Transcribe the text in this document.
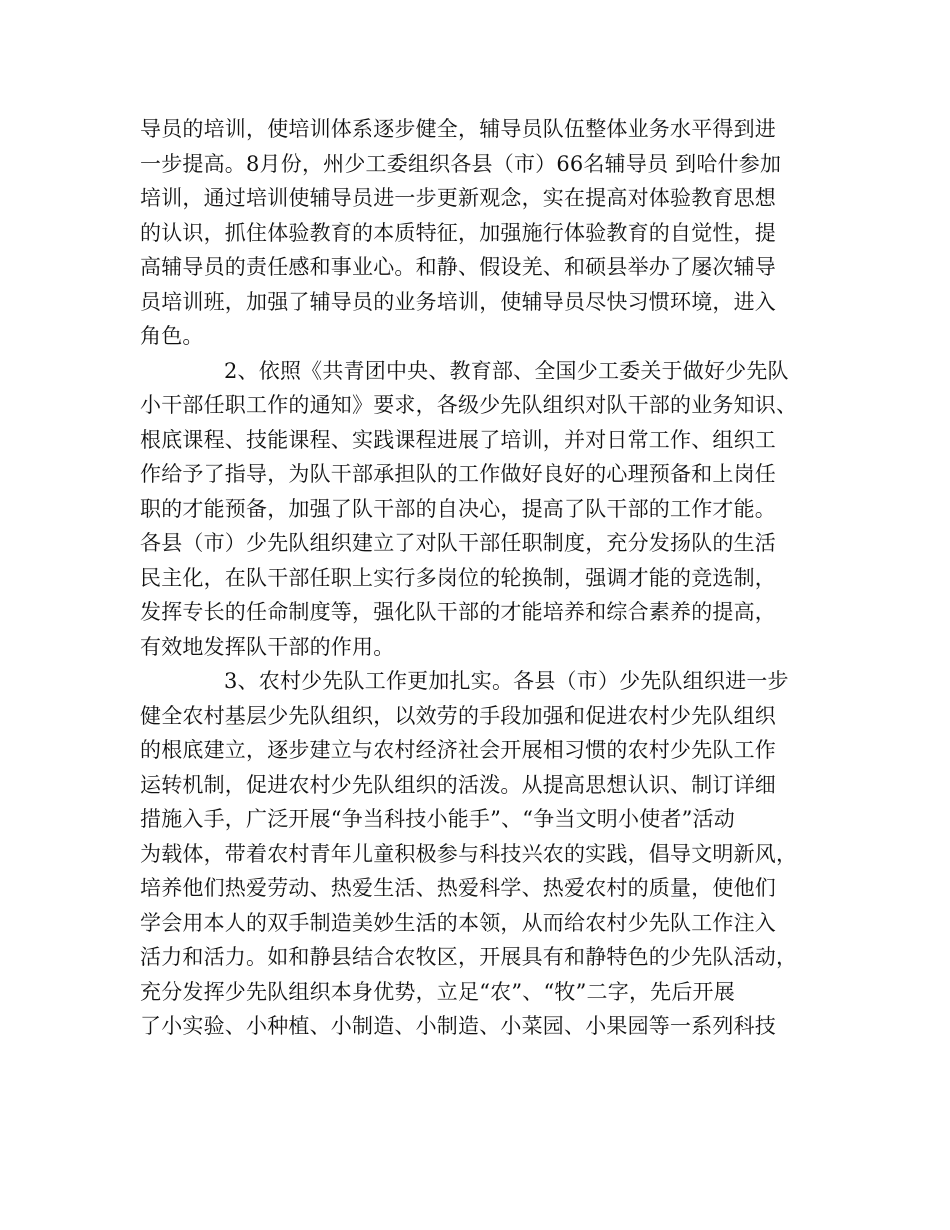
导员的培训，使培训体系逐步健全，辅导员队伍整体业务水平得到进
一步提高。8月份，州少工委组织各县（市）66名辅导员 到哈什参加
培训，通过培训使辅导员进一步更新观念，实在提高对体验教育思想
的认识，抓住体验教育的本质特征，加强施行体验教育的自觉性，提
高辅导员的责任感和事业心。和静、假设羌、和硕县举办了屡次辅导
员培训班，加强了辅导员的业务培训，使辅导员尽快习惯环境，进入
角色。
2、依照《共青团中央、教育部、全国少工委关于做好少先队
小干部任职工作的通知》要求，各级少先队组织对队干部的业务知识、
根底课程、技能课程、实践课程进展了培训，并对日常工作、组织工
作给予了指导，为队干部承担队的工作做好良好的心理预备和上岗任
职的才能预备，加强了队干部的自决心，提高了队干部的工作才能。
各县（市）少先队组织建立了对队干部任职制度，充分发扬队的生活
民主化，在队干部任职上实行多岗位的轮换制，强调才能的竞选制，
发挥专长的任命制度等，强化队干部的才能培养和综合素养的提高，
有效地发挥队干部的作用。
3、农村少先队工作更加扎实。各县（市）少先队组织进一步
健全农村基层少先队组织，以效劳的手段加强和促进农村少先队组织
的根底建立，逐步建立与农村经济社会开展相习惯的农村少先队工作
运转机制，促进农村少先队组织的活泼。从提高思想认识、制订详细
措施入手，广泛开展“争当科技小能手”、“争当文明小使者”活动
为载体，带着农村青年儿童积极参与科技兴农的实践，倡导文明新风，
培养他们热爱劳动、热爱生活、热爱科学、热爱农村的质量，使他们
学会用本人的双手制造美妙生活的本领，从而给农村少先队工作注入
活力和活力。如和静县结合农牧区，开展具有和静特色的少先队活动，
充分发挥少先队组织本身优势，立足“农”、“牧”二字，先后开展
了小实验、小种植、小制造、小制造、小菜园、小果园等一系列科技
